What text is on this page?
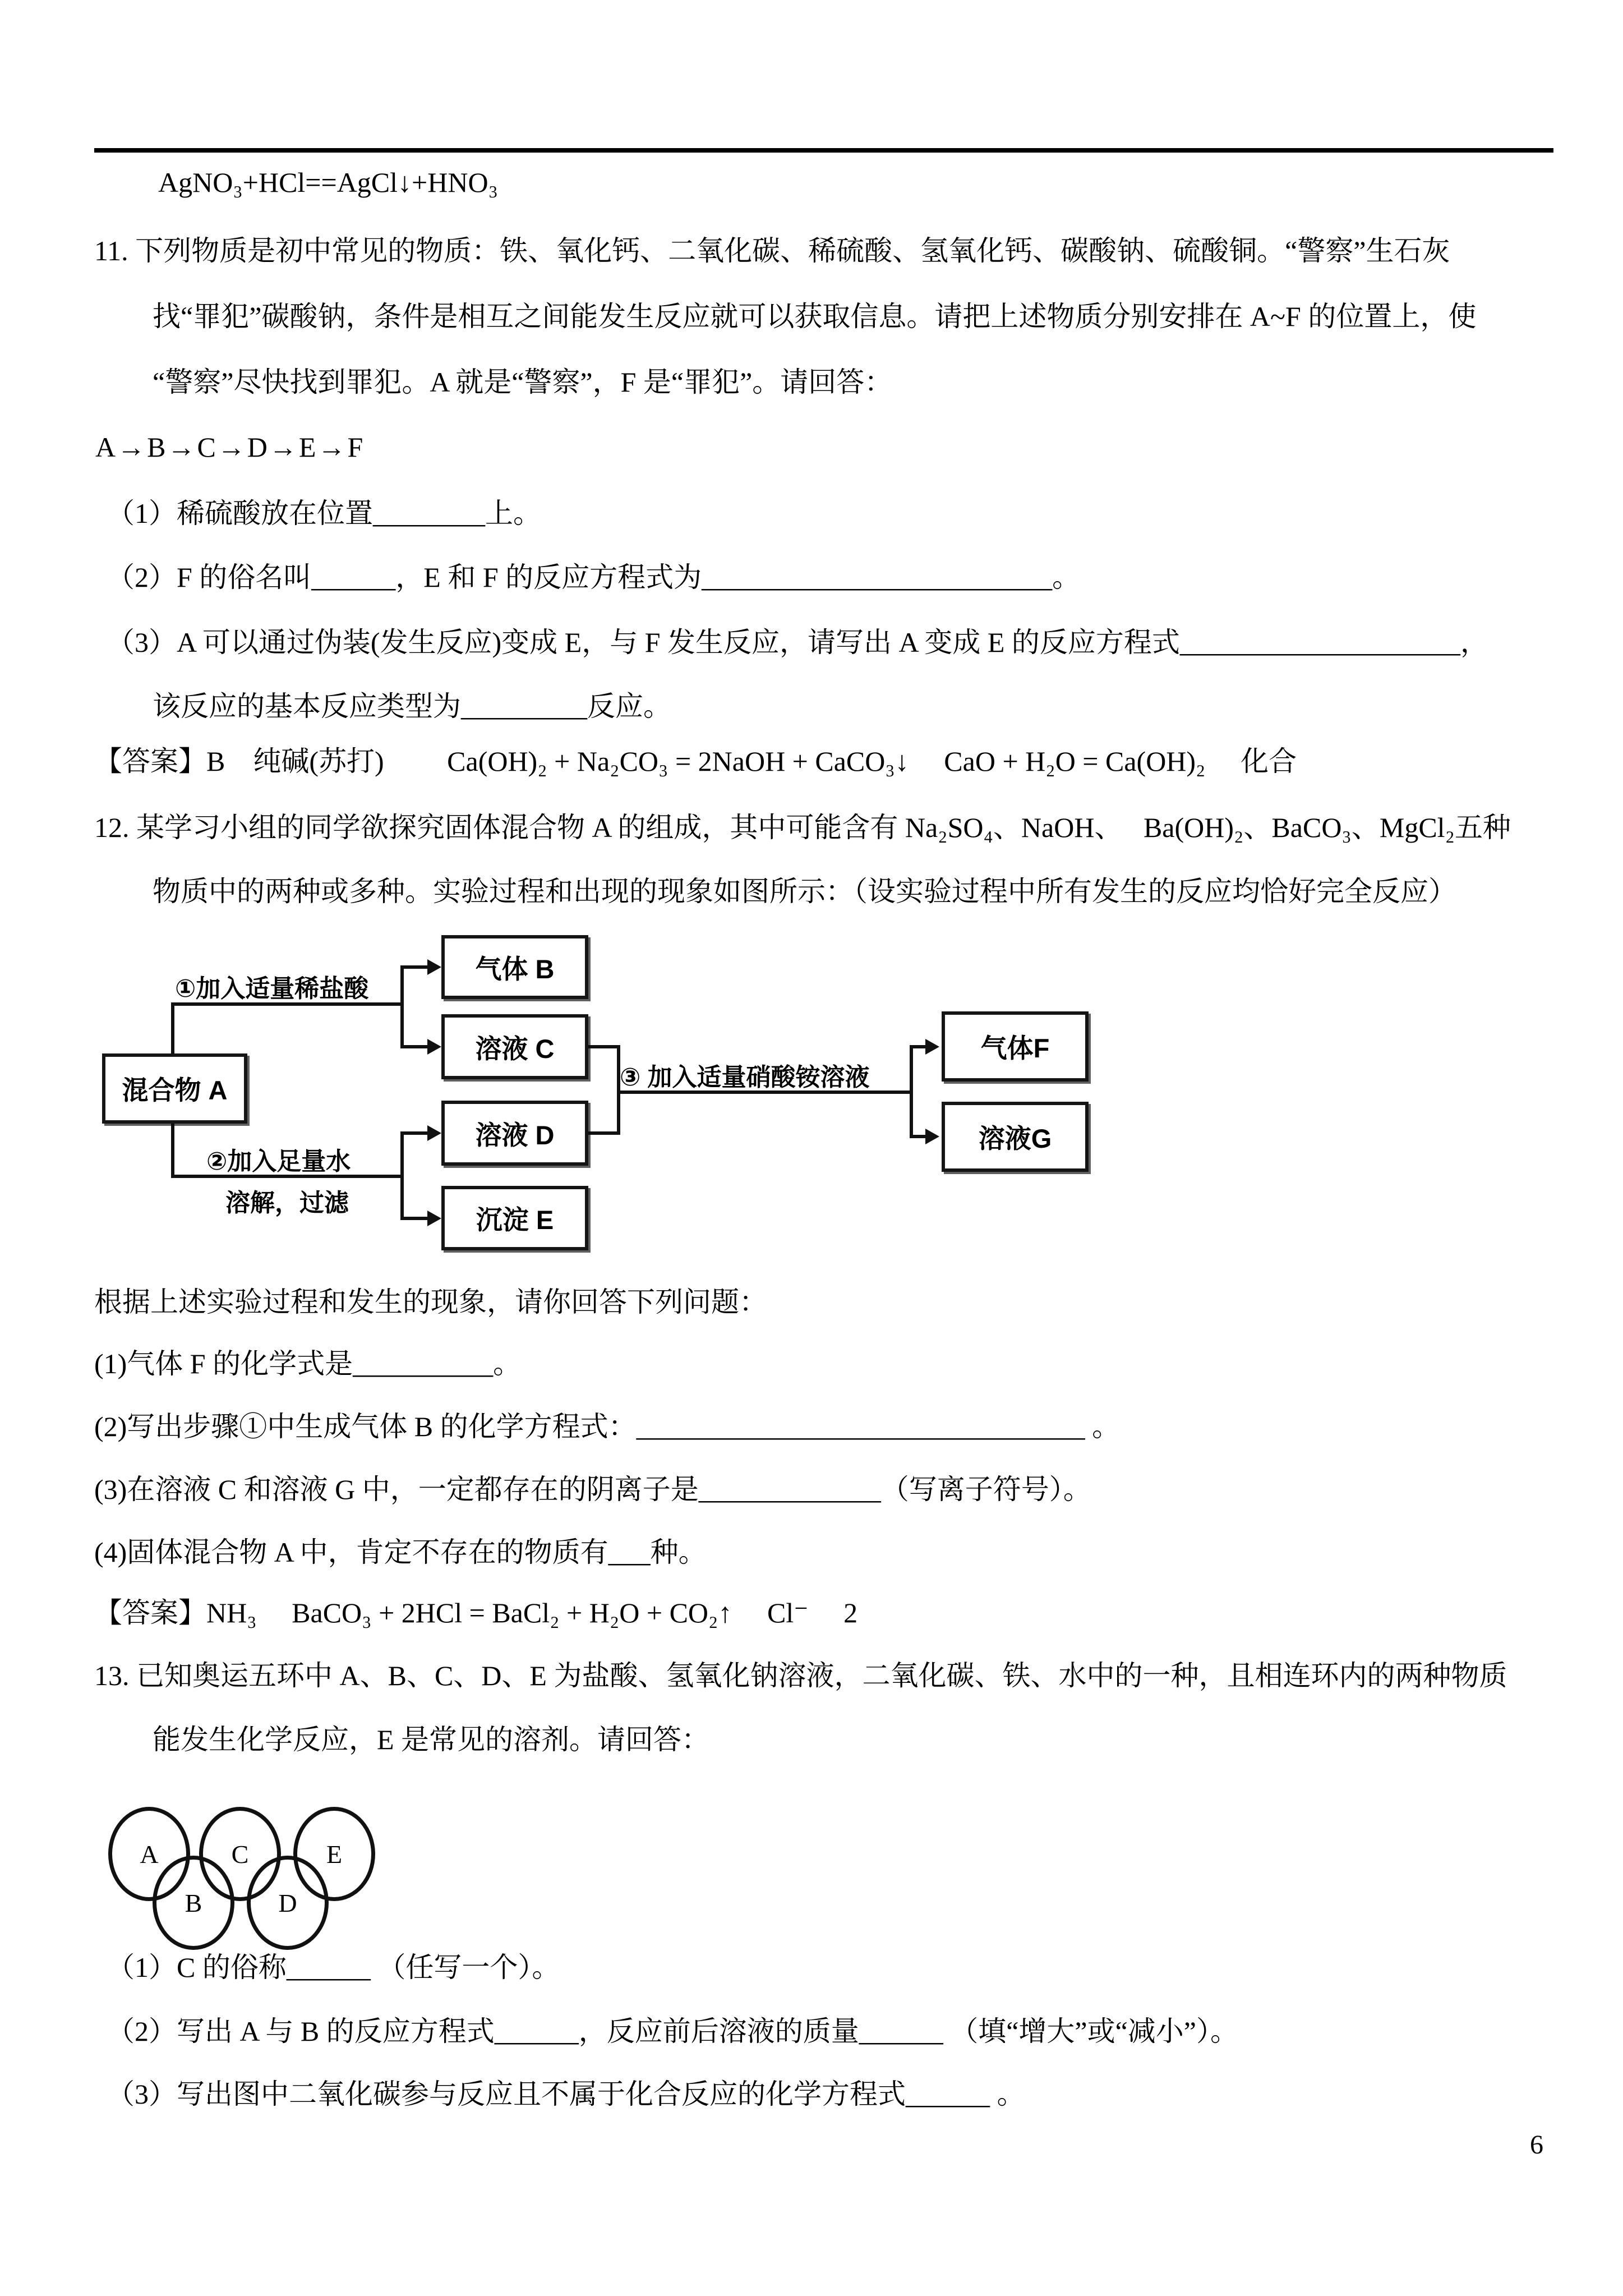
AgNO₃+HCl==AgCl↓+HNO₃
11. 下列物质是初中常见的物质：铁、氧化钙、二氧化碳、稀硫酸、氢氧化钙、碳酸钠、硫酸铜。“警察”生石灰
找“罪犯”碳酸钠，条件是相互之间能发生反应就可以获取信息。请把上述物质分别安排在 A~F 的位置上，使
“警察”尽快找到罪犯。A 就是“警察”，F 是“罪犯”。请回答：
A→B→C→D→E→F
（1）稀硫酸放在位置________上。
（2）F 的俗名叫______，E 和 F 的反应方程式为_________________________。
（3）A 可以通过伪装(发生反应)变成 E，与 F 发生反应，请写出 A 变成 E 的反应方程式____________________，
该反应的基本反应类型为_________反应。
【答案】B　纯碱(苏打)　　 Ca(OH)₂ + Na₂CO₃ = 2NaOH + CaCO₃↓　 CaO + H₂O = Ca(OH)₂　 化合
12. 某学习小组的同学欲探究固体混合物 A 的组成，其中可能含有 Na₂SO₄、NaOH、　 Ba(OH)₂、BaCO₃、MgCl₂五种
物质中的两种或多种。实验过程和出现的现象如图所示：（设实验过程中所有发生的反应均恰好完全反应）
①加入适量稀盐酸
②加入足量水
溶解，过滤
③ 加入适量硝酸铵溶液
混合物 A
气体 B
溶液 C
溶液 D
沉淀 E
气体F
溶液G
根据上述实验过程和发生的现象，请你回答下列问题：
(1)气体 F 的化学式是__________。
(2)写出步骤①中生成气体 B 的化学方程式：________________________________ 。
(3)在溶液 C 和溶液 G 中，一定都存在的阴离子是_____________（写离子符号）。
(4)固体混合物 A 中，肯定不存在的物质有___种。
【答案】NH₃　 BaCO₃ + 2HCl = BaCl₂ + H₂O + CO₂↑　 Cl⁻　 2
13. 已知奥运五环中 A、B、C、D、E 为盐酸、氢氧化钠溶液，二氧化碳、铁、水中的一种，且相连环内的两种物质
能发生化学反应，E 是常见的溶剂。请回答：
A	C	E
B	D
（1）C 的俗称______ （任写一个）。
（2）写出 A 与 B 的反应方程式______，反应前后溶液的质量______ （填“增大”或“减小”）。
（3）写出图中二氧化碳参与反应且不属于化合反应的化学方程式______ 。
6
